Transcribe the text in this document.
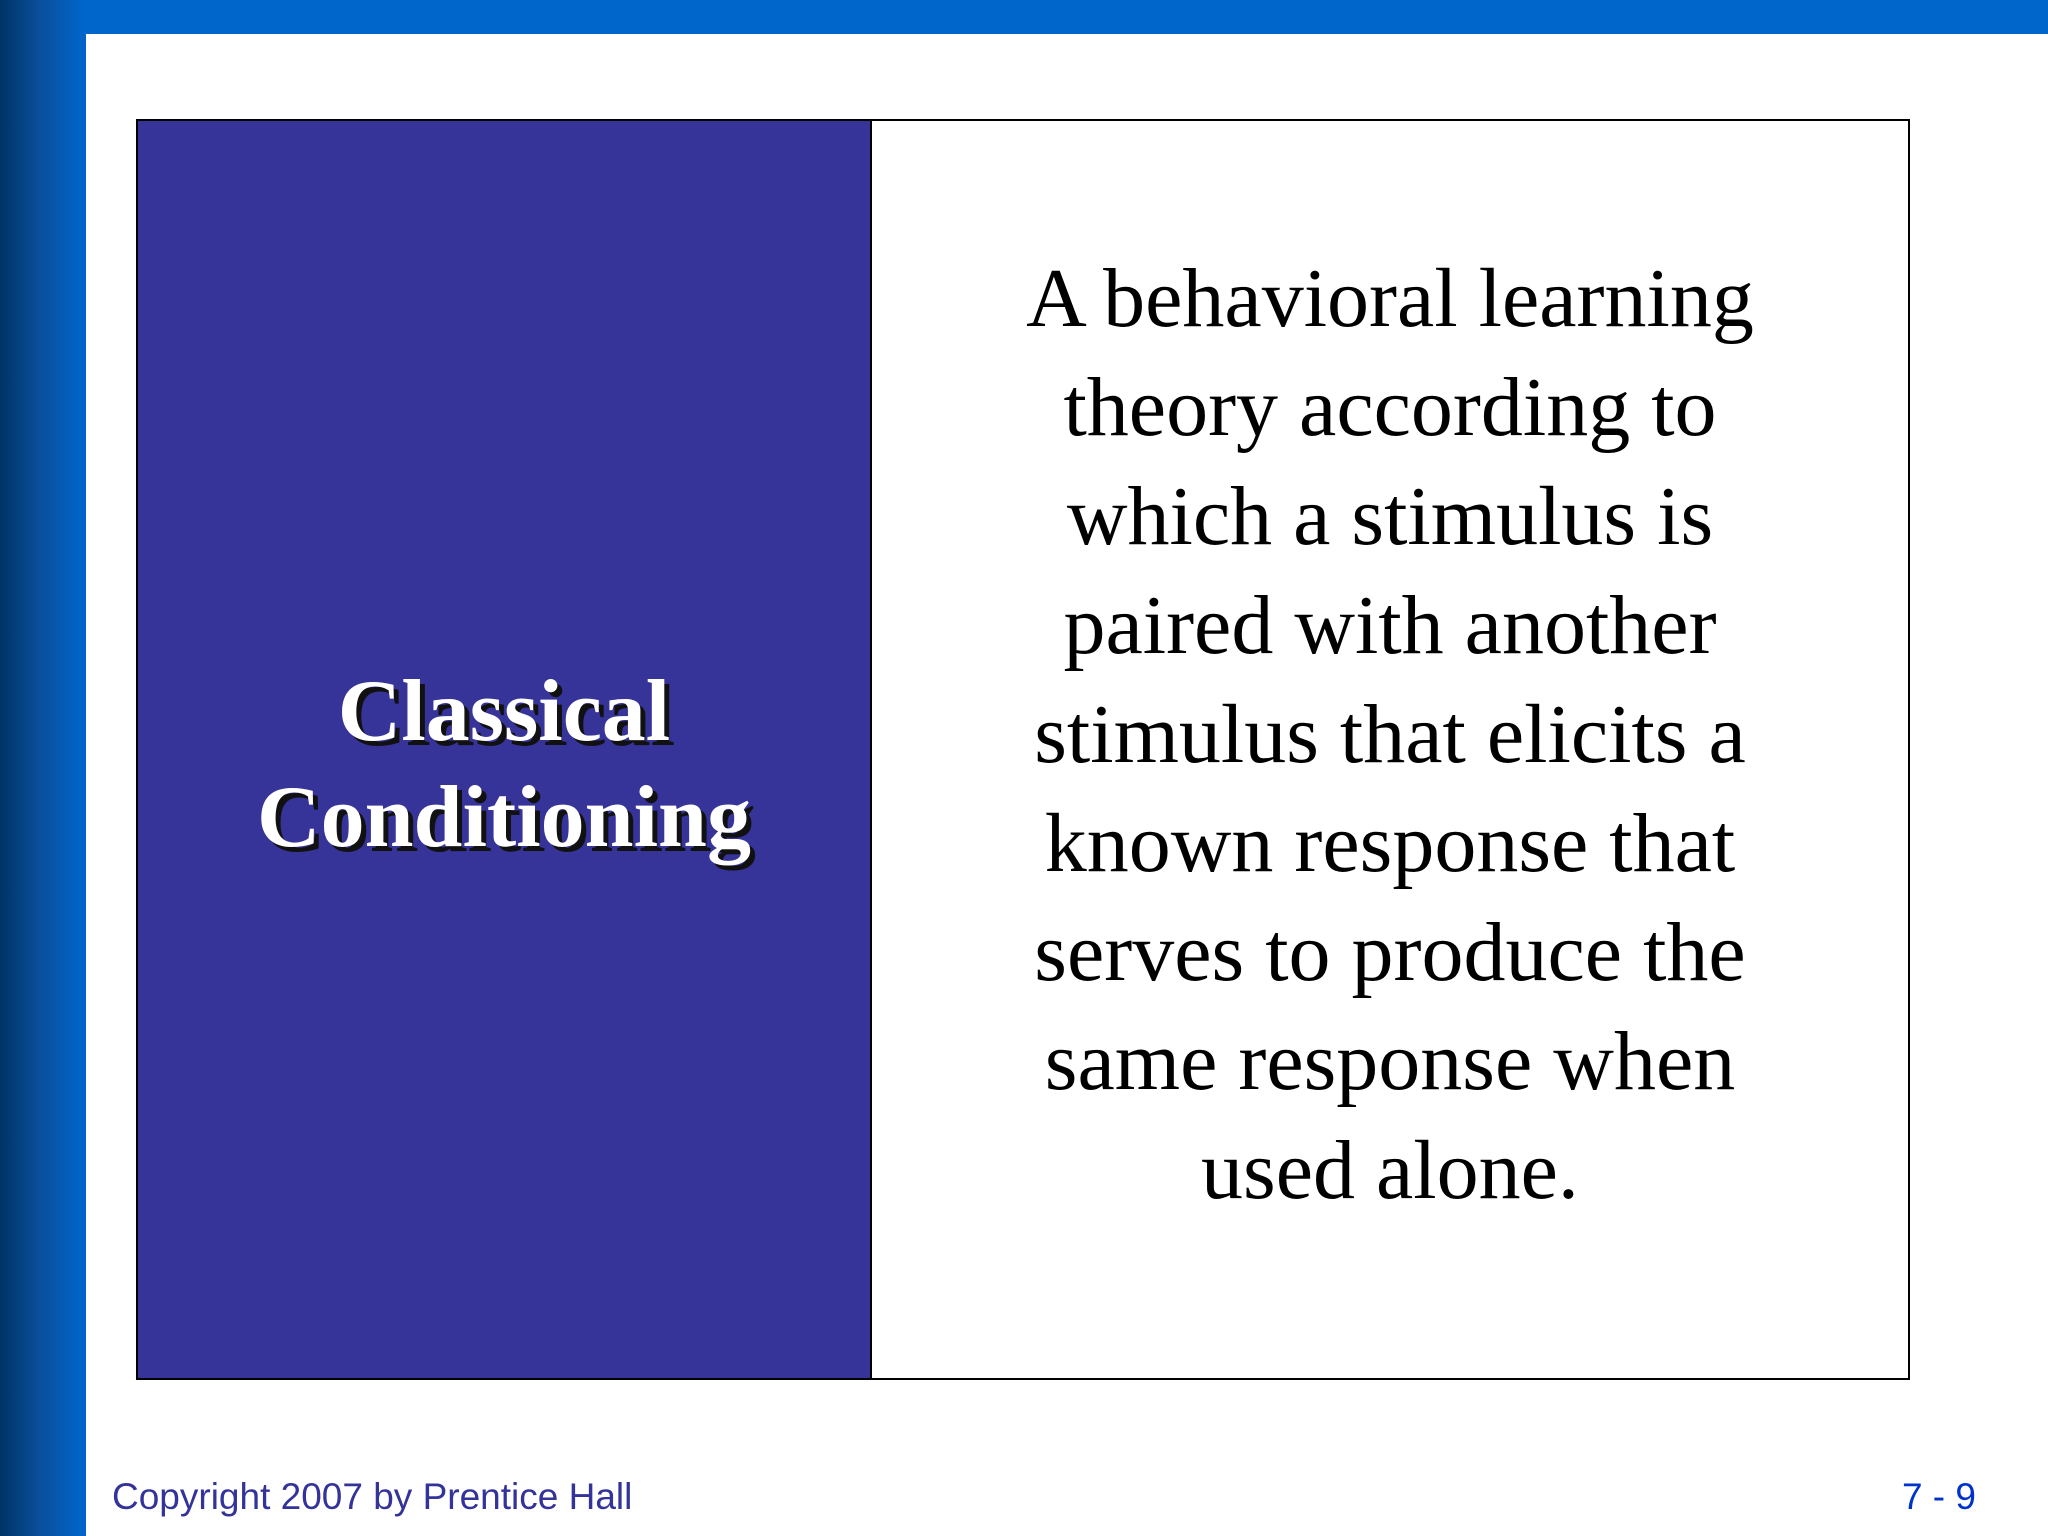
Classical Conditioning
A behavioral learning theory according to which a stimulus is paired with another stimulus that elicits a known response that serves to produce the same response when used alone.
Copyright 2007 by Prentice Hall	7 - 9
